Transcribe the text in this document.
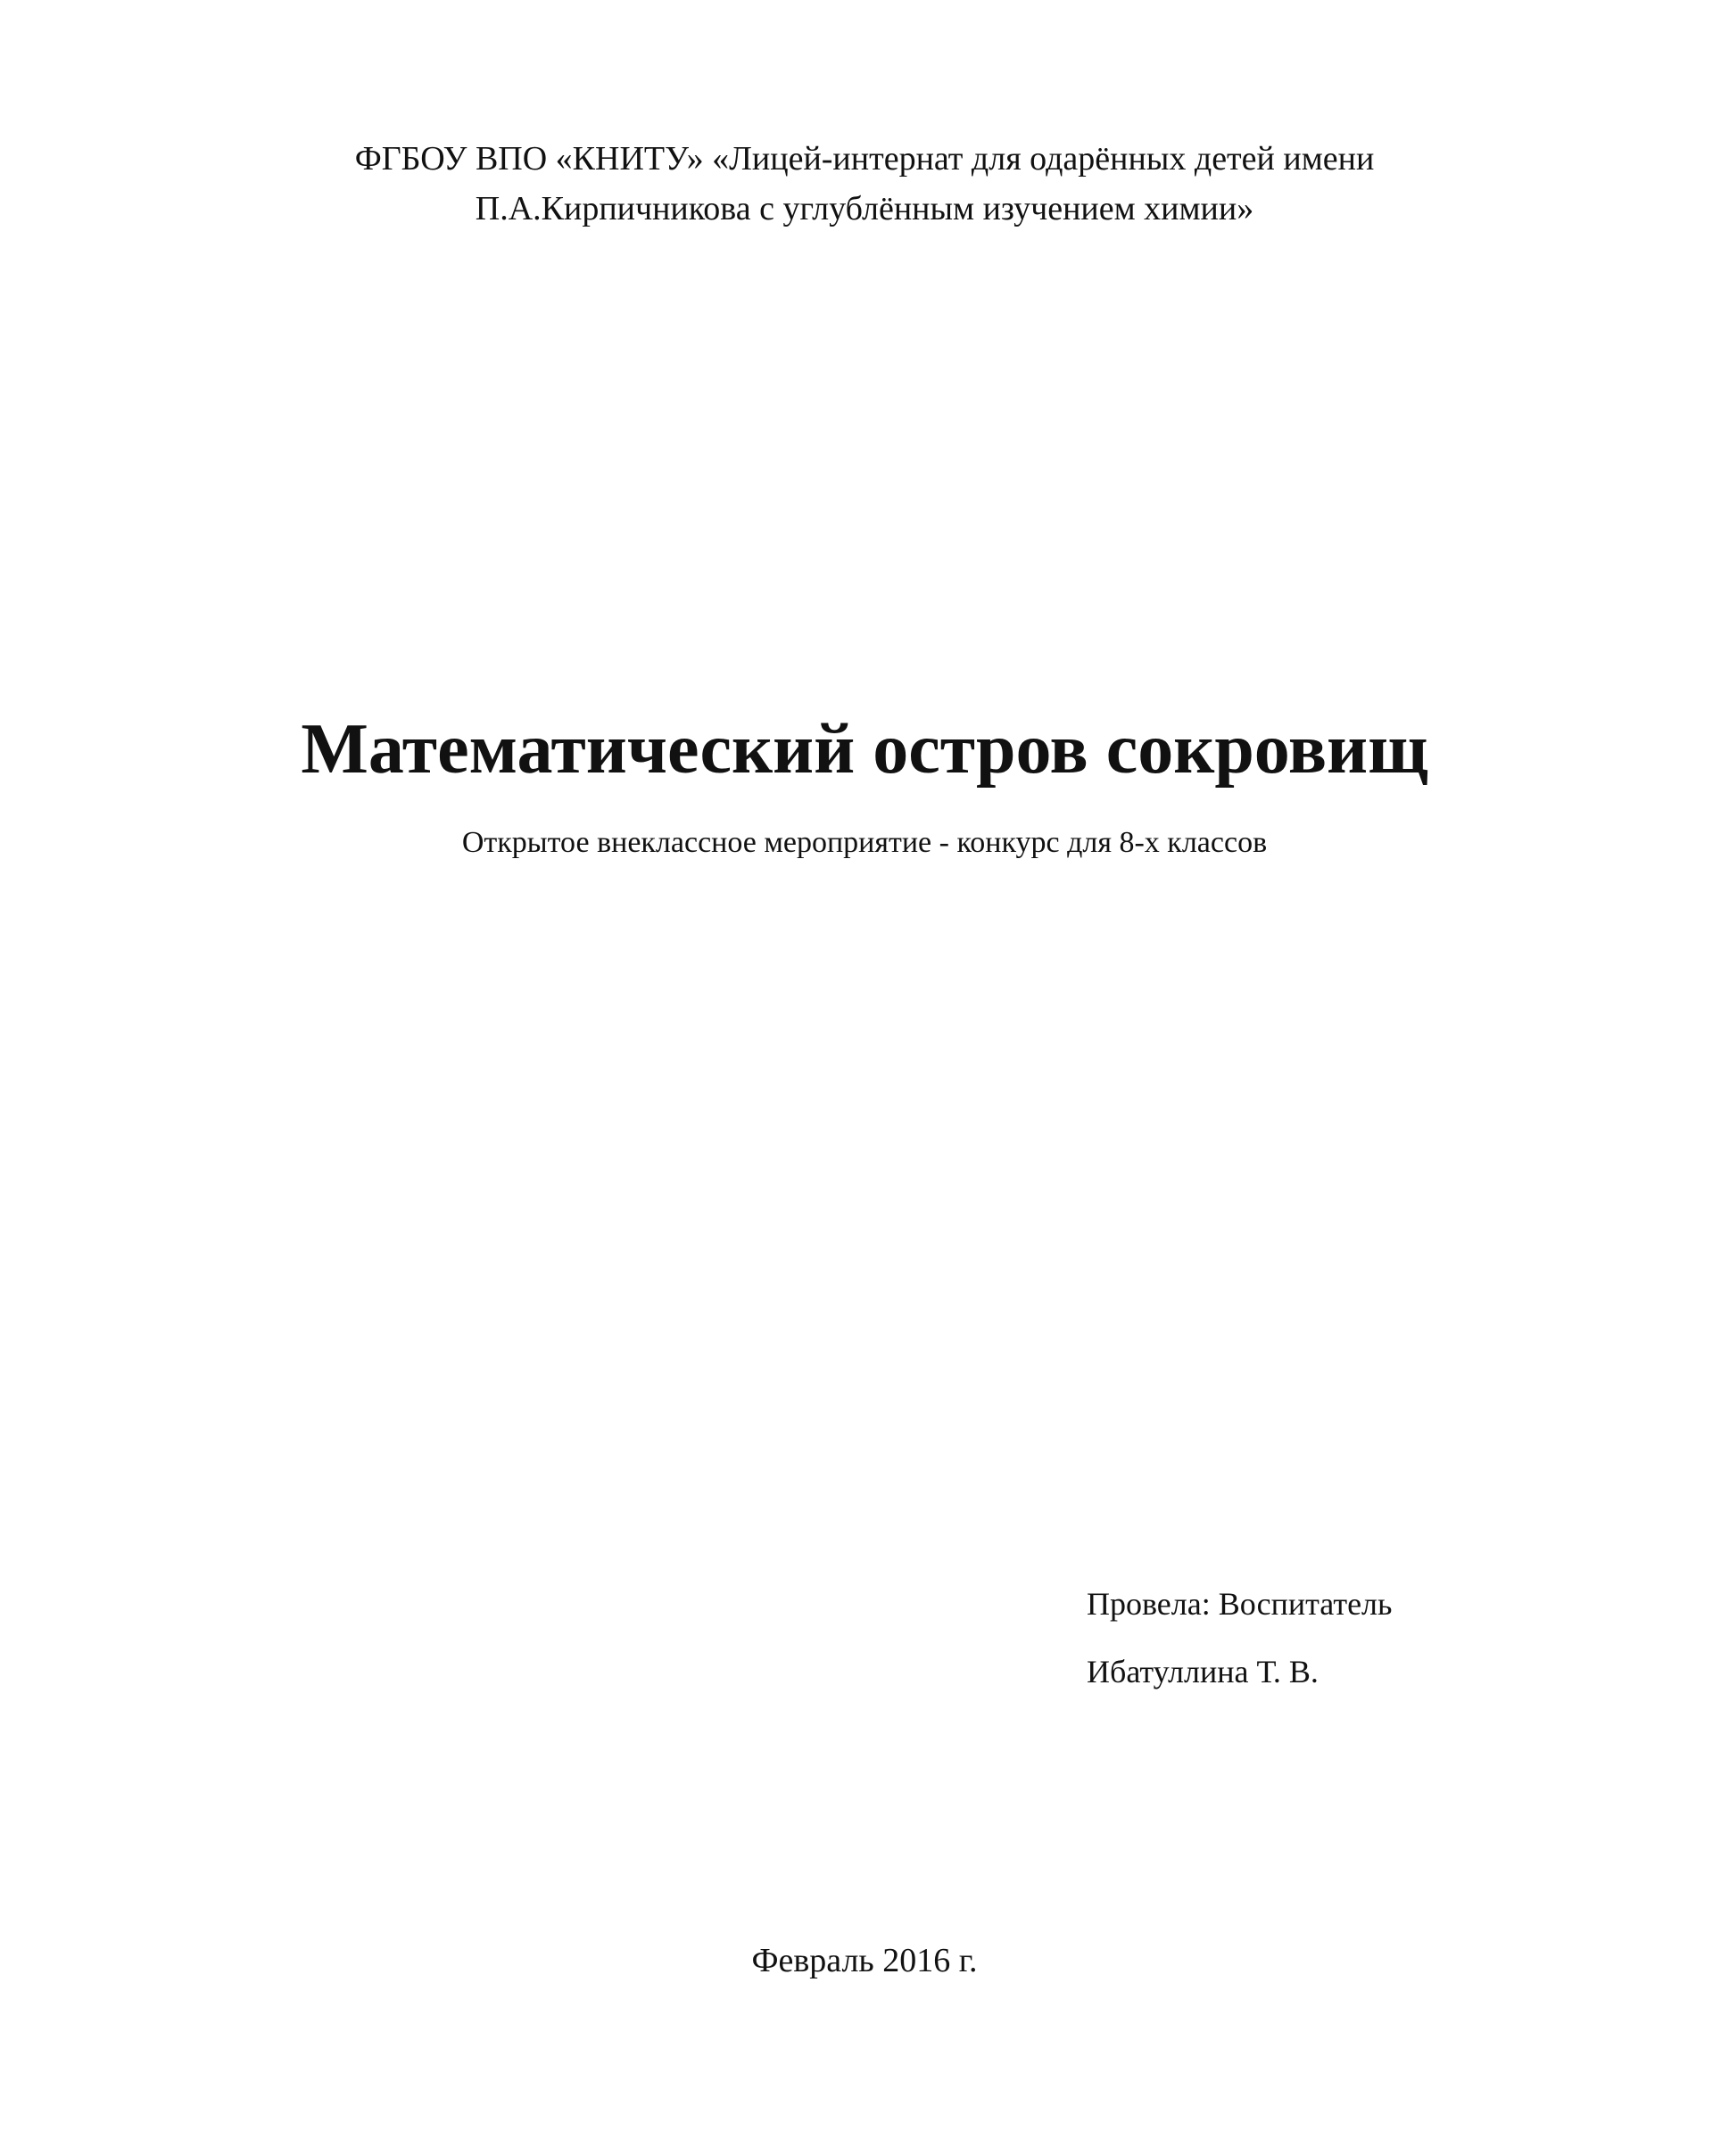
ФГБОУ ВПО «КНИТУ» «Лицей-интернат для одарённых детей имени
П.А.Кирпичникова с углублённым изучением химии»
Математический остров сокровищ
Открытое внеклассное мероприятие - конкурс для 8-х классов
Провела: Воспитатель
Ибатуллина Т. В.
Февраль 2016 г.
